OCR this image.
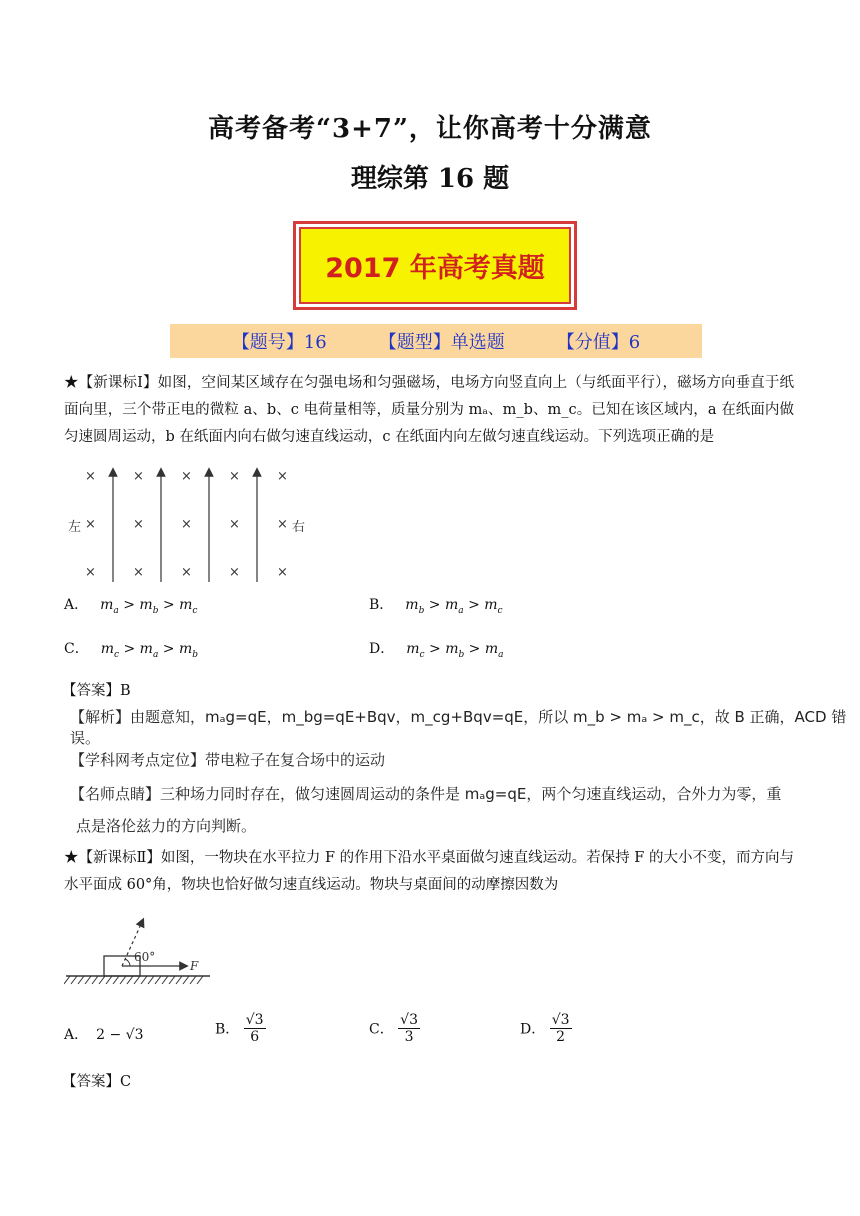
高考备考“3+7”，让你高考十分满意
理综第 16 题
2017 年高考真题
【题号】16	【题型】单选题	【分值】6
★【新课标Ⅰ】如图，空间某区域存在匀强电场和匀强磁场，电场方向竖直向上（与纸面平行），磁场方向垂直于纸面向里，三个带正电的微粒 a、b、c 电荷量相等，质量分别为 mₐ、m_b、m_c。已知在该区域内，a 在纸面内做匀速圆周运动，b 在纸面内向右做匀速直线运动，c 在纸面内向左做匀速直线运动。下列选项正确的是
×	×	×	×	×
×	×	×	×	×
×	×	×	×	×
左	右
A． $m_a > m_b > m_c$	B． $m_b > m_a > m_c$
C． $m_c > m_a > m_b$	D． $m_c > m_b > m_a$
【答案】B
【解析】由题意知，mₐg=qE，m_bg=qE+Bqv，m_cg+Bqv=qE，所以 m_b > mₐ > m_c，故 B 正确，ACD 错误。
【学科网考点定位】带电粒子在复合场中的运动
【名师点睛】三种场力同时存在，做匀速圆周运动的条件是 mₐg=qE，两个匀速直线运动，合外力为零，重
点是洛伦兹力的方向判断。
★【新课标Ⅱ】如图，一物块在水平拉力 F 的作用下沿水平桌面做匀速直线运动。若保持 F 的大小不变，而方向与水平面成 60°角，物块也恰好做匀速直线运动。物块与桌面间的动摩擦因数为
60°
F
A． 2 − √3	B． $\frac{√3}{6}$	C． $\frac{√3}{3}$	D． $\frac{√3}{2}$
【答案】C
